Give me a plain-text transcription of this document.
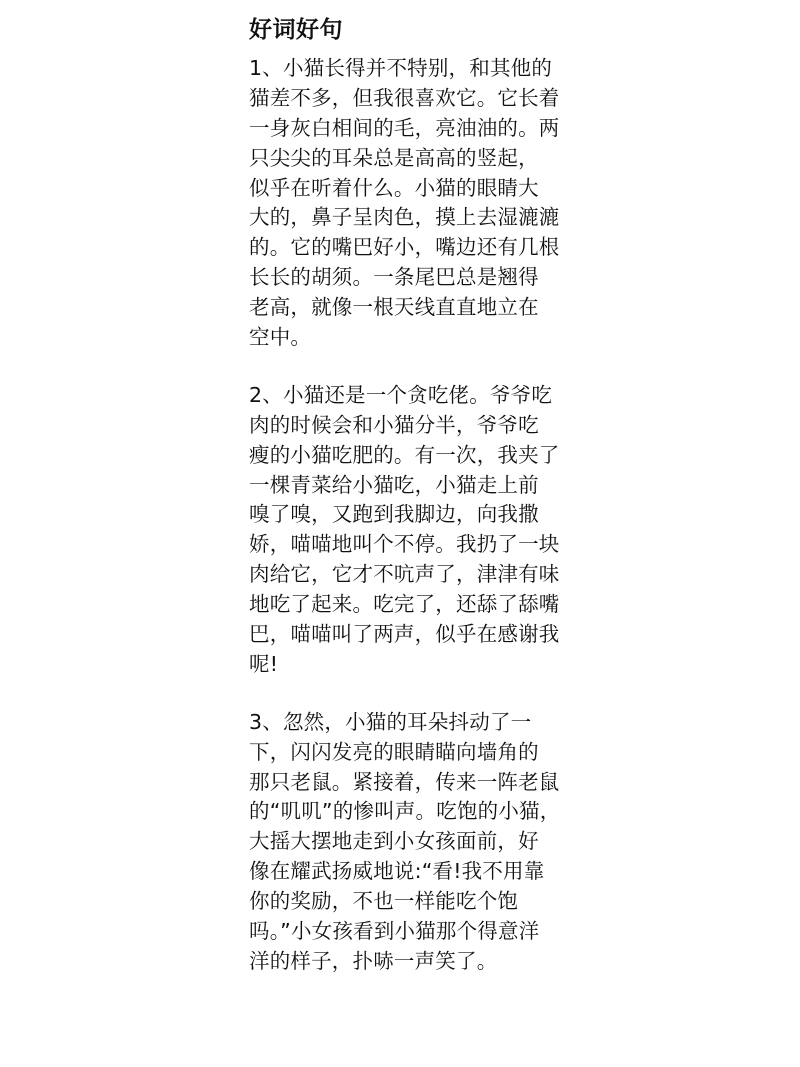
好词好句
1、小猫长得并不特别，和其他的
猫差不多，但我很喜欢它。它长着
一身灰白相间的毛，亮油油的。两
只尖尖的耳朵总是高高的竖起，
似乎在听着什么。小猫的眼睛大
大的，鼻子呈肉色，摸上去湿漉漉
的。它的嘴巴好小，嘴边还有几根
长长的胡须。一条尾巴总是翘得
老高，就像一根天线直直地立在
空中。
2、小猫还是一个贪吃佬。爷爷吃
肉的时候会和小猫分半，爷爷吃
瘦的小猫吃肥的。有一次，我夹了
一棵青菜给小猫吃，小猫走上前
嗅了嗅，又跑到我脚边，向我撒
娇，喵喵地叫个不停。我扔了一块
肉给它，它才不吭声了，津津有味
地吃了起来。吃完了，还舔了舔嘴
巴，喵喵叫了两声，似乎在感谢我
呢!
3、忽然，小猫的耳朵抖动了一
下，闪闪发亮的眼睛瞄向墙角的
那只老鼠。紧接着，传来一阵老鼠
的“叽叽”的惨叫声。吃饱的小猫，
大摇大摆地走到小女孩面前，好
像在耀武扬威地说:“看!我不用靠
你的奖励，不也一样能吃个饱
吗。”小女孩看到小猫那个得意洋
洋的样子，扑哧一声笑了。
